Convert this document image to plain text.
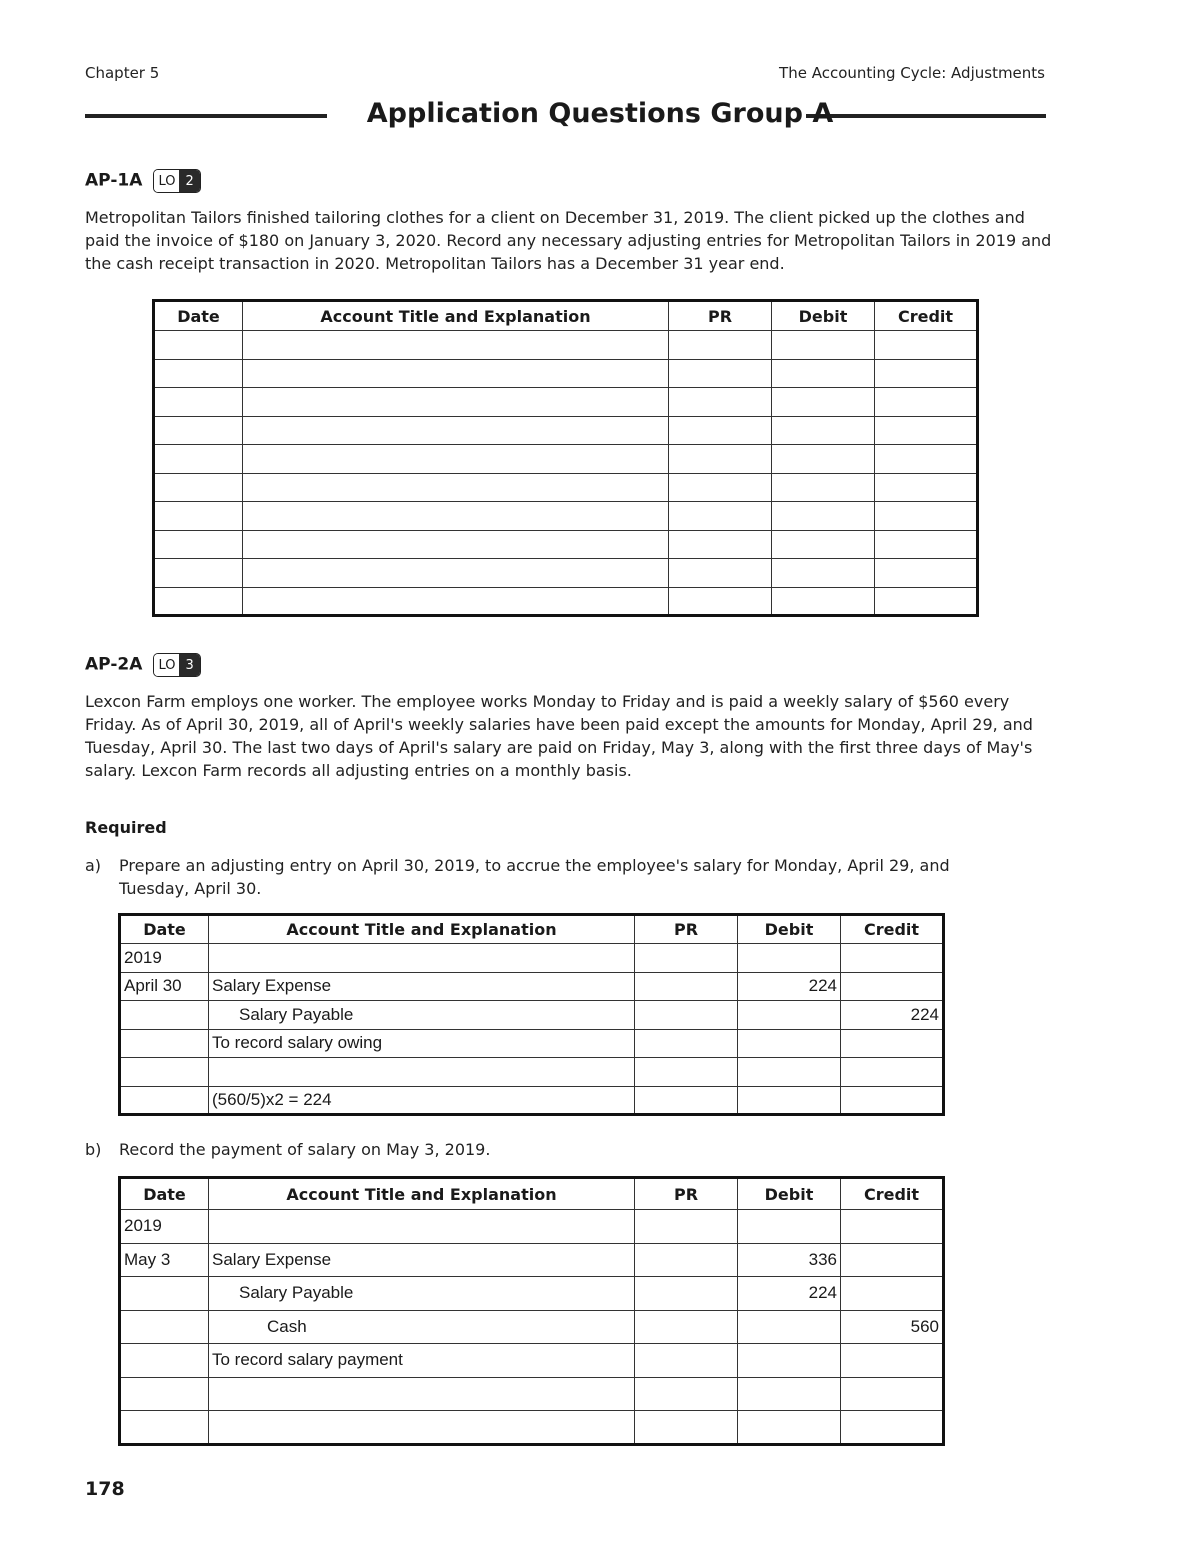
Chapter 5	The Accounting Cycle: Adjustments
Application Questions Group A
AP-1A	LO 2
Metropolitan Tailors finished tailoring clothes for a client on December 31, 2019. The client picked up the clothes and paid the invoice of $180 on January 3, 2020. Record any necessary adjusting entries for Metropolitan Tailors in 2019 and the cash receipt transaction in 2020. Metropolitan Tailors has a December 31 year end.
Date	Account Title and Explanation	PR	Debit	Credit

AP-2A	LO 3
Lexcon Farm employs one worker. The employee works Monday to Friday and is paid a weekly salary of $560 every Friday. As of April 30, 2019, all of April's weekly salaries have been paid except the amounts for Monday, April 29, and Tuesday, April 30. The last two days of April's salary are paid on Friday, May 3, along with the first three days of May's salary. Lexcon Farm records all adjusting entries on a monthly basis.
Required
a) Prepare an adjusting entry on April 30, 2019, to accrue the employee's salary for Monday, April 29, and Tuesday, April 30.
Date	Account Title and Explanation	PR	Debit	Credit
2019				
April 30	Salary Expense		224	
	Salary Payable			224
	To record salary owing			

	(560/5)x2 = 224			
b) Record the payment of salary on May 3, 2019.
Date	Account Title and Explanation	PR	Debit	Credit
2019				
May 3	Salary Expense		336	
	Salary Payable		224	
	Cash			560
	To record salary payment			

178
